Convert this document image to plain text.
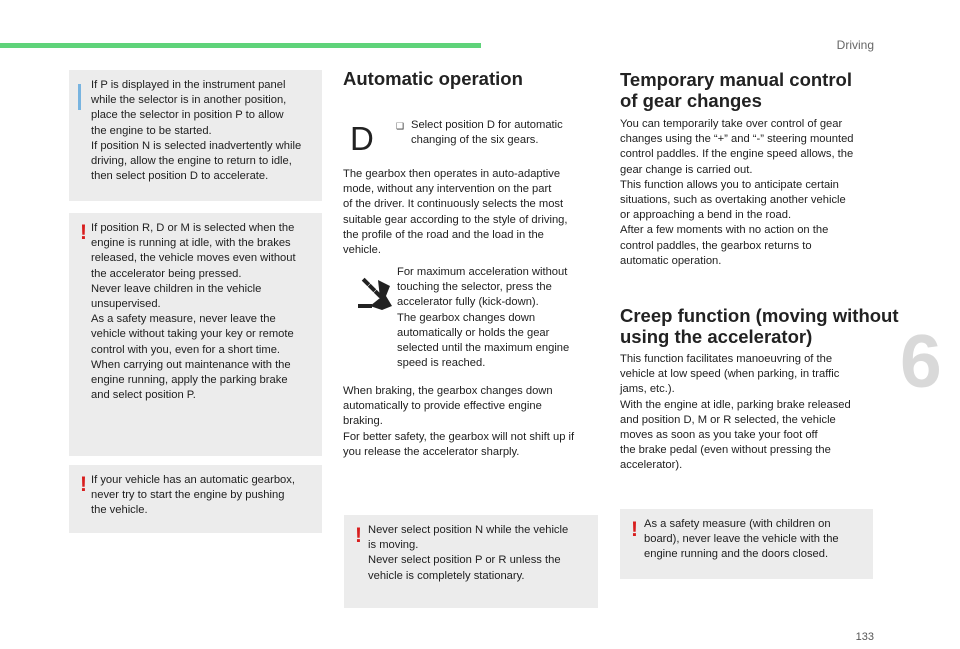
Driving
6
133

If P is displayed in the instrument panel

while the selector is in another position,

place the selector in position P to allow

the engine to be started.

If position N is selected inadvertently while

driving, allow the engine to return to idle,

then select position D to accelerate.

! If position R, D or M is selected when the

engine is running at idle, with the brakes

released, the vehicle moves even without

the accelerator being pressed.

Never leave children in the vehicle

unsupervised.

As a safety measure, never leave the

vehicle without taking your key or remote

control with you, even for a short time.

When carrying out maintenance with the

engine running, apply the parking brake

and select position P.

! If your vehicle has an automatic gearbox,

never try to start the engine by pushing

the vehicle.

Automatic operation
D ❑ Select position D for automatic

changing of the six gears.

The gearbox then operates in auto-adaptive

mode, without any intervention on the part

of the driver. It continuously selects the most

suitable gear according to the style of driving,

the profile of the road and the load in the

vehicle.

For maximum acceleration without

touching the selector, press the

accelerator fully (kick-down).

The gearbox changes down

automatically or holds the gear

selected until the maximum engine

speed is reached.

When braking, the gearbox changes down

automatically to provide effective engine

braking.

For better safety, the gearbox will not shift up if

you release the accelerator sharply.

! Never select position N while the vehicle

is moving.

Never select position P or R unless the

vehicle is completely stationary.

Temporary manual control
of gear changes

You can temporarily take over control of gear

changes using the “+” and “-” steering mounted

control paddles. If the engine speed allows, the

gear change is carried out.

This function allows you to anticipate certain

situations, such as overtaking another vehicle

or approaching a bend in the road.

After a few moments with no action on the

control paddles, the gearbox returns to

automatic operation.

Creep function (moving without
using the accelerator)

This function facilitates manoeuvring of the

vehicle at low speed (when parking, in traffic

jams, etc.).

With the engine at idle, parking brake released

and position D, M or R selected, the vehicle

moves as soon as you take your foot off

the brake pedal (even without pressing the

accelerator).

! As a safety measure (with children on

board), never leave the vehicle with the

engine running and the doors closed.
